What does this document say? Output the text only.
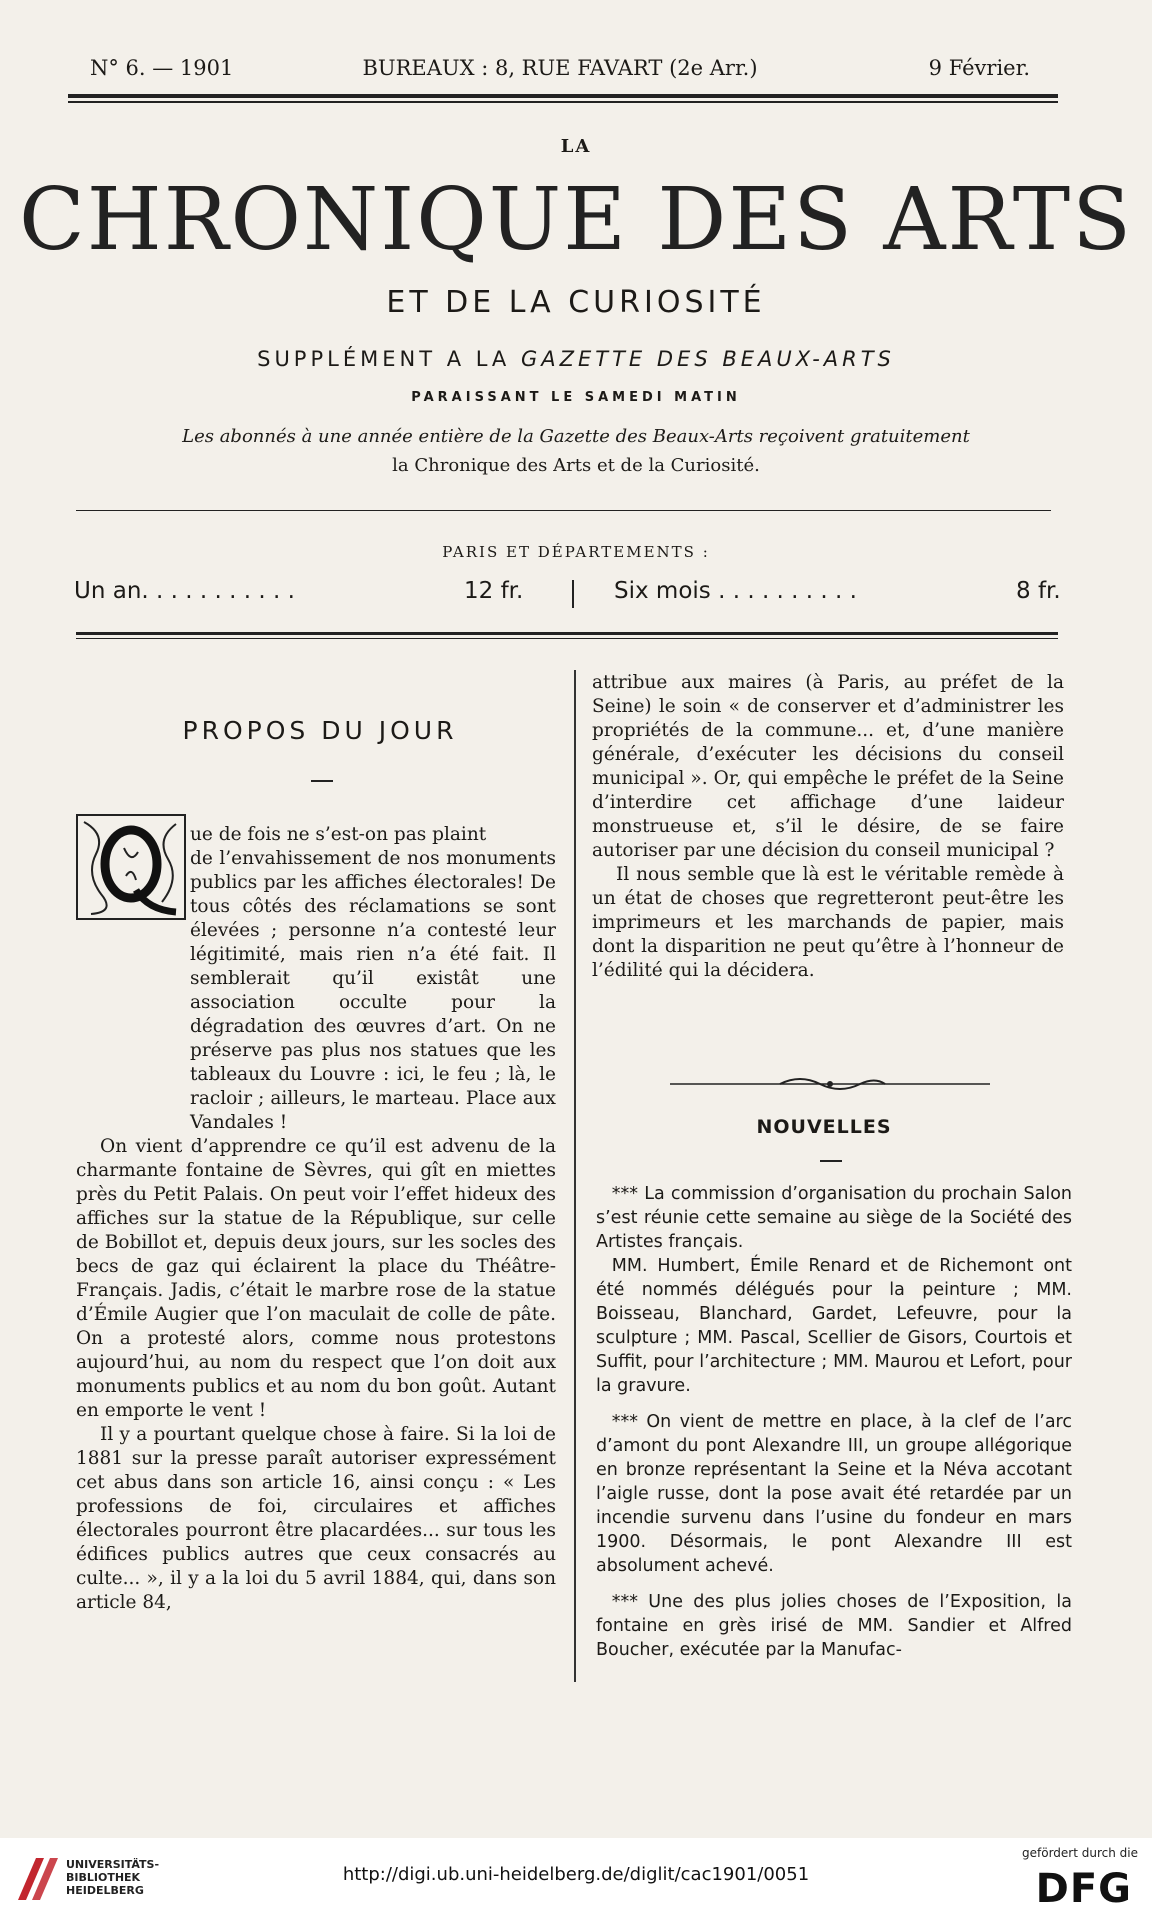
N° 6. — 1901	BUREAUX : 8, RUE FAVART (2e Arr.)	9 Février.
LA
CHRONIQUE DES ARTS
ET DE LA CURIOSITÉ
SUPPLÉMENT A LA GAZETTE DES BEAUX-ARTS
PARAISSANT LE SAMEDI MATIN
Les abonnés à une année entière de la Gazette des Beaux-Arts reçoivent gratuitement
la Chronique des Arts et de la Curiosité.
PARIS ET DÉPARTEMENTS :
Un an. . . . . . . . . . .	12 fr.	Six mois . . . . . . . . . .	8 fr.
PROPOS DU JOUR

ue de fois ne s’est-on pas plaint

de l’envahissement de nos monuments publics par les affiches électorales! De tous côtés des réclamations se sont élevées ; personne n’a contesté leur légitimité, mais rien n’a été fait. Il semblerait qu’il existât une association occulte pour la dégradation des œuvres d’art. On ne préserve pas plus nos statues que les tableaux du Louvre : ici, le feu ; là, le racloir ; ailleurs, le marteau. Place aux Vandales !

On vient d’apprendre ce qu’il est advenu de la charmante fontaine de Sèvres, qui gît en miettes près du Petit Palais. On peut voir l’effet hideux des affiches sur la statue de la République, sur celle de Bobillot et, depuis deux jours, sur les socles des becs de gaz qui éclairent la place du Théâtre-Français. Jadis, c’était le marbre rose de la statue d’Émile Augier que l’on maculait de colle de pâte. On a protesté alors, comme nous protestons aujourd’hui, au nom du respect que l’on doit aux monuments publics et au nom du bon goût. Autant en emporte le vent !

Il y a pourtant quelque chose à faire. Si la loi de 1881 sur la presse paraît autoriser expressément cet abus dans son article 16, ainsi conçu : « Les professions de foi, circulaires et affiches électorales pourront être placardées... sur tous les édifices publics autres que ceux consacrés au culte... », il y a la loi du 5 avril 1884, qui, dans son article 84,

attribue aux maires (à Paris, au préfet de la Seine) le soin « de conserver et d’administrer les propriétés de la commune... et, d’une manière générale, d’exécuter les décisions du conseil municipal ». Or, qui empêche le préfet de la Seine d’interdire cet affichage d’une laideur monstrueuse et, s’il le désire, de se faire autoriser par une décision du conseil municipal ?

Il nous semble que là est le véritable remède à un état de choses que regretteront peut-être les imprimeurs et les marchands de papier, mais dont la disparition ne peut qu’être à l’honneur de l’édilité qui la décidera.

NOUVELLES

*** La commission d’organisation du prochain Salon s’est réunie cette semaine au siège de la Société des Artistes français.

MM. Humbert, Émile Renard et de Richemont ont été nommés délégués pour la peinture ; MM. Boisseau, Blanchard, Gardet, Lefeuvre, pour la sculpture ; MM. Pascal, Scellier de Gisors, Courtois et Suffit, pour l’architecture ; MM. Maurou et Lefort, pour la gravure.

*** On vient de mettre en place, à la clef de l’arc d’amont du pont Alexandre III, un groupe allégorique en bronze représentant la Seine et la Néva accotant l’aigle russe, dont la pose avait été retardée par un incendie survenu dans l’usine du fondeur en mars 1900. Désormais, le pont Alexandre III est absolument achevé.

*** Une des plus jolies choses de l’Exposition, la fontaine en grès irisé de MM. Sandier et Alfred Boucher, exécutée par la Manufac-

UNIVERSITÄTS-
BIBLIOTHEK
HEIDELBERG
http://digi.ub.uni-heidelberg.de/diglit/cac1901/0051
gefördert durch die
DFG
